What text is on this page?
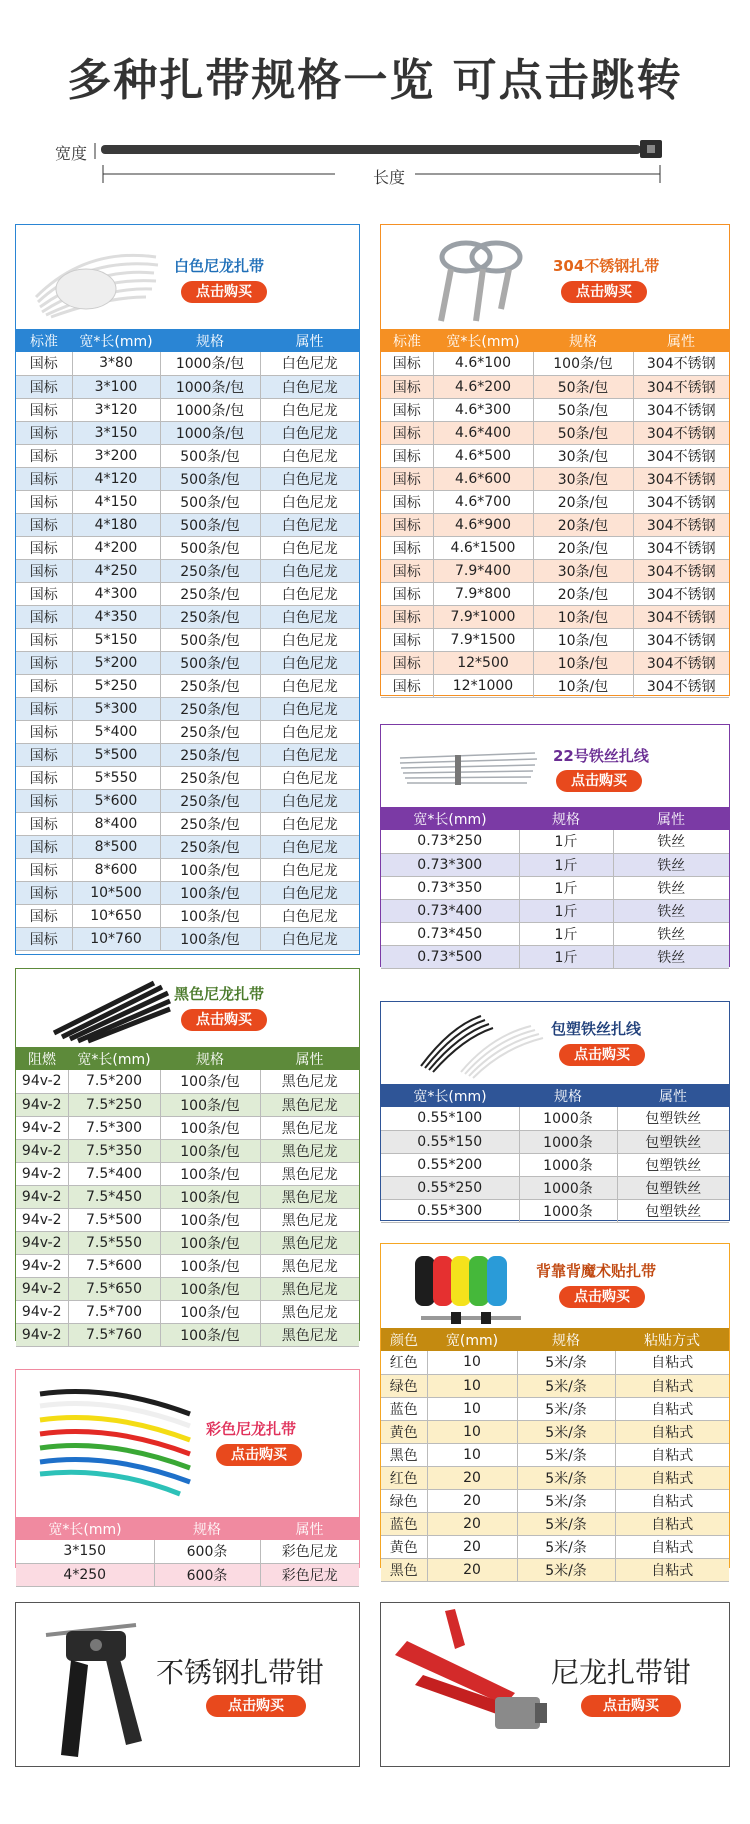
多种扎带规格一览 可点击跳转
宽度
长度
白色尼龙扎带
点击购买
标准	宽*长(mm)	规格	属性
国标	3*80	1000条/包	白色尼龙
国标	3*100	1000条/包	白色尼龙
国标	3*120	1000条/包	白色尼龙
国标	3*150	1000条/包	白色尼龙
国标	3*200	500条/包	白色尼龙
国标	4*120	500条/包	白色尼龙
国标	4*150	500条/包	白色尼龙
国标	4*180	500条/包	白色尼龙
国标	4*200	500条/包	白色尼龙
国标	4*250	250条/包	白色尼龙
国标	4*300	250条/包	白色尼龙
国标	4*350	250条/包	白色尼龙
国标	5*150	500条/包	白色尼龙
国标	5*200	500条/包	白色尼龙
国标	5*250	250条/包	白色尼龙
国标	5*300	250条/包	白色尼龙
国标	5*400	250条/包	白色尼龙
国标	5*500	250条/包	白色尼龙
国标	5*550	250条/包	白色尼龙
国标	5*600	250条/包	白色尼龙
国标	8*400	250条/包	白色尼龙
国标	8*500	250条/包	白色尼龙
国标	8*600	100条/包	白色尼龙
国标	10*500	100条/包	白色尼龙
国标	10*650	100条/包	白色尼龙
国标	10*760	100条/包	白色尼龙
304不锈钢扎带
点击购买
标准	宽*长(mm)	规格	属性
国标	4.6*100	100条/包	304不锈钢
国标	4.6*200	50条/包	304不锈钢
国标	4.6*300	50条/包	304不锈钢
国标	4.6*400	50条/包	304不锈钢
国标	4.6*500	30条/包	304不锈钢
国标	4.6*600	30条/包	304不锈钢
国标	4.6*700	20条/包	304不锈钢
国标	4.6*900	20条/包	304不锈钢
国标	4.6*1500	20条/包	304不锈钢
国标	7.9*400	30条/包	304不锈钢
国标	7.9*800	20条/包	304不锈钢
国标	7.9*1000	10条/包	304不锈钢
国标	7.9*1500	10条/包	304不锈钢
国标	12*500	10条/包	304不锈钢
国标	12*1000	10条/包	304不锈钢
22号铁丝扎线
点击购买
宽*长(mm)	规格	属性
0.73*250	1斤	铁丝
0.73*300	1斤	铁丝
0.73*350	1斤	铁丝
0.73*400	1斤	铁丝
0.73*450	1斤	铁丝
0.73*500	1斤	铁丝
黑色尼龙扎带
点击购买
阻燃	宽*长(mm)	规格	属性
94v-2	7.5*200	100条/包	黑色尼龙
94v-2	7.5*250	100条/包	黑色尼龙
94v-2	7.5*300	100条/包	黑色尼龙
94v-2	7.5*350	100条/包	黑色尼龙
94v-2	7.5*400	100条/包	黑色尼龙
94v-2	7.5*450	100条/包	黑色尼龙
94v-2	7.5*500	100条/包	黑色尼龙
94v-2	7.5*550	100条/包	黑色尼龙
94v-2	7.5*600	100条/包	黑色尼龙
94v-2	7.5*650	100条/包	黑色尼龙
94v-2	7.5*700	100条/包	黑色尼龙
94v-2	7.5*760	100条/包	黑色尼龙
包塑铁丝扎线
点击购买
宽*长(mm)	规格	属性
0.55*100	1000条	包塑铁丝
0.55*150	1000条	包塑铁丝
0.55*200	1000条	包塑铁丝
0.55*250	1000条	包塑铁丝
0.55*300	1000条	包塑铁丝
背靠背魔术贴扎带
点击购买
颜色	宽(mm)	规格	粘贴方式
红色	10	5米/条	自粘式
绿色	10	5米/条	自粘式
蓝色	10	5米/条	自粘式
黄色	10	5米/条	自粘式
黑色	10	5米/条	自粘式
红色	20	5米/条	自粘式
绿色	20	5米/条	自粘式
蓝色	20	5米/条	自粘式
黄色	20	5米/条	自粘式
黑色	20	5米/条	自粘式
彩色尼龙扎带
点击购买
宽*长(mm)	规格	属性
3*150	600条	彩色尼龙
4*250	600条	彩色尼龙
不锈钢扎带钳
点击购买
尼龙扎带钳
点击购买
